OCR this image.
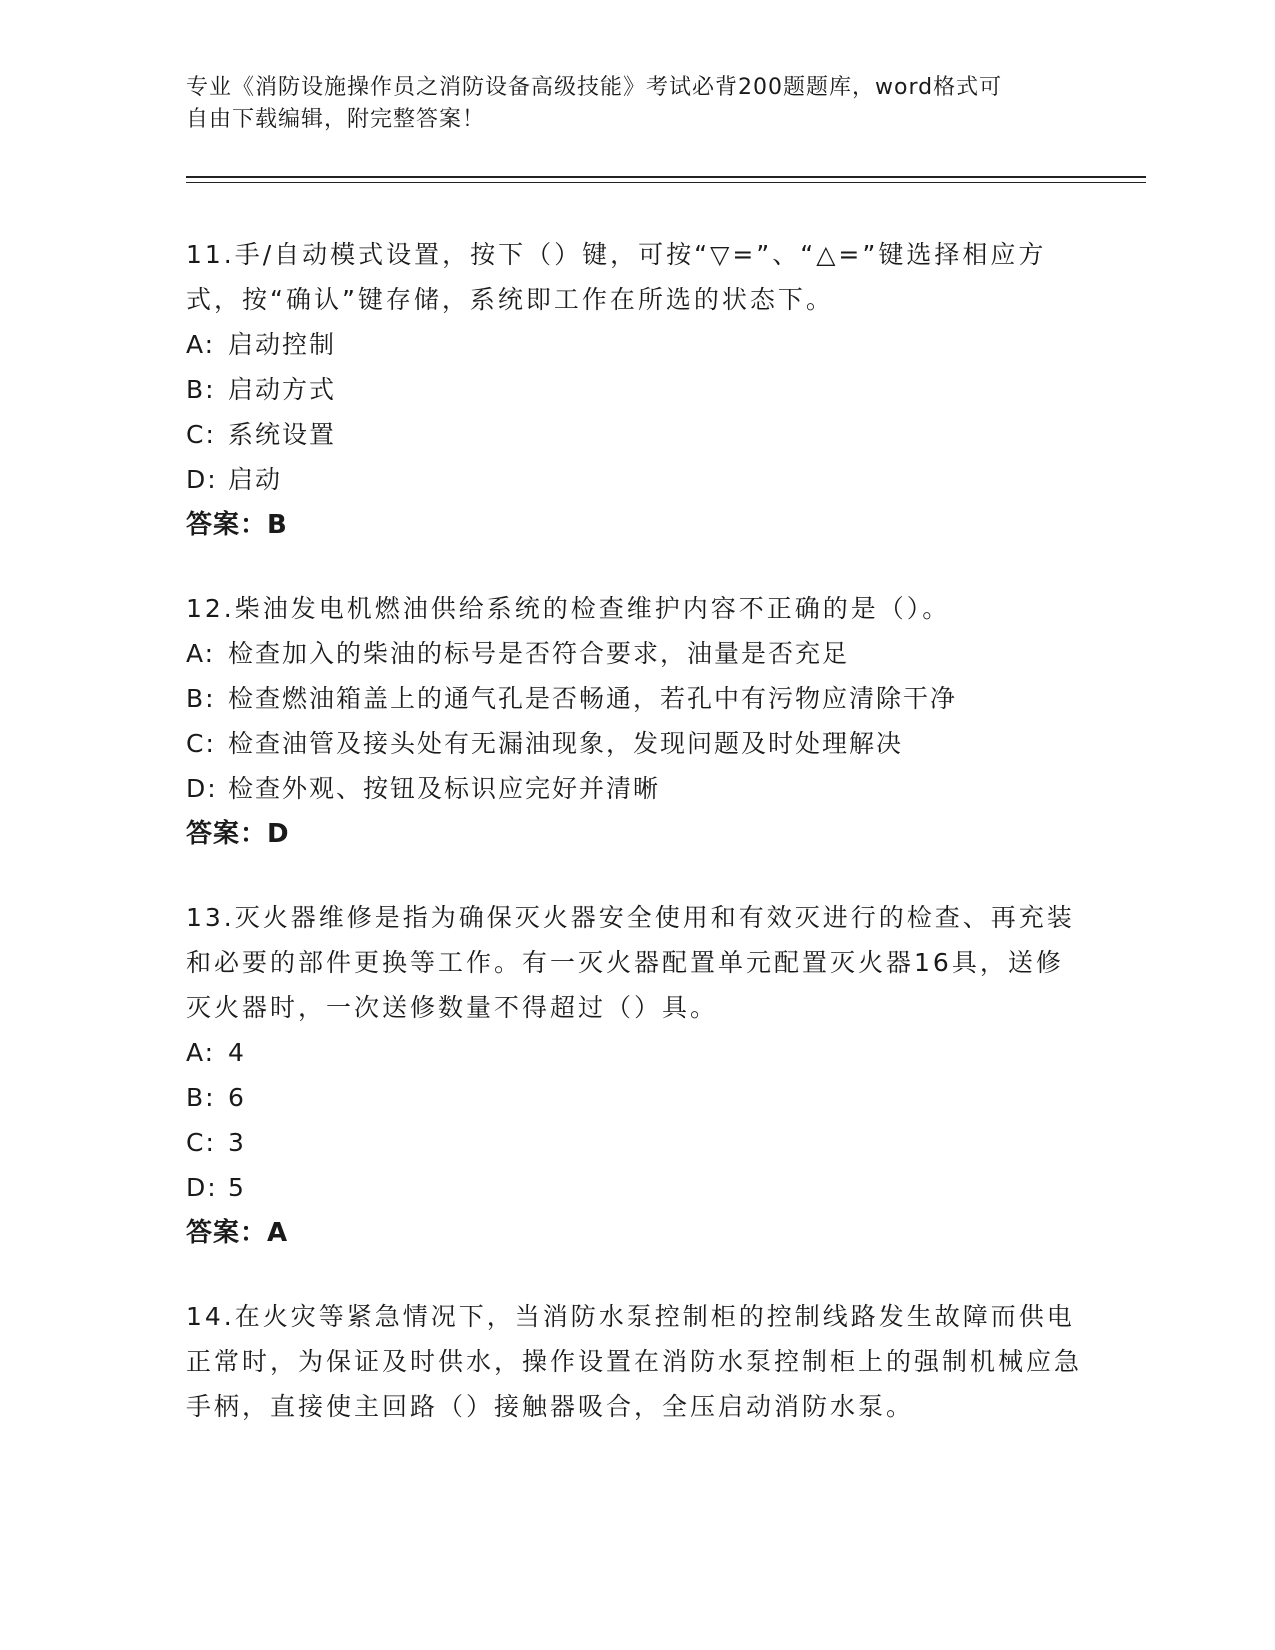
专业《消防设施操作员之消防设备高级技能》考试必背200题题库，word格式可
自由下载编辑，附完整答案！

11.手/自动模式设置，按下（）键，可按“▽=”、“△=”键选择相应方式，按“确认”键存储，系统即工作在所选的状态下。

A: 启动控制

B: 启动方式

C: 系统设置

D: 启动

答案：B

12.柴油发电机燃油供给系统的检查维护内容不正确的是（）。

A: 检查加入的柴油的标号是否符合要求，油量是否充足

B: 检查燃油箱盖上的通气孔是否畅通，若孔中有污物应清除干净

C: 检查油管及接头处有无漏油现象，发现问题及时处理解决

D: 检查外观、按钮及标识应完好并清晰

答案：D

13.灭火器维修是指为确保灭火器安全使用和有效灭进行的检查、再充装和必要的部件更换等工作。有一灭火器配置单元配置灭火器16具，送修灭火器时，一次送修数量不得超过（）具。

A: 4

B: 6

C: 3

D: 5

答案：A

14.在火灾等紧急情况下，当消防水泵控制柜的控制线路发生故障而供电正常时，为保证及时供水，操作设置在消防水泵控制柜上的强制机械应急手柄，直接使主回路（）接触器吸合，全压启动消防水泵。
